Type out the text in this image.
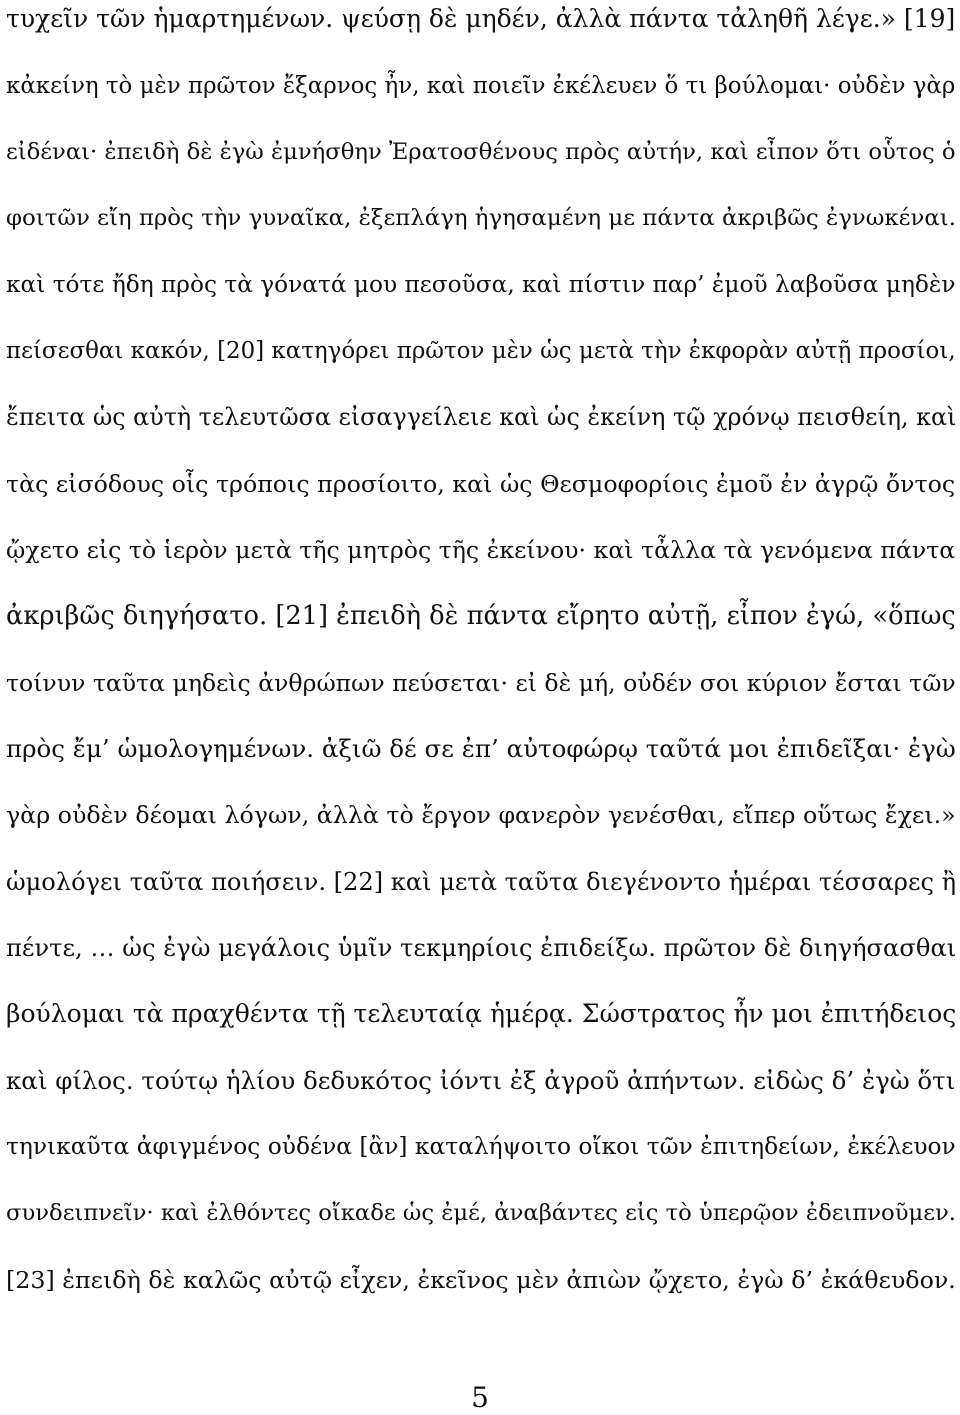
τυχεῖν τῶν ἡμαρτημένων. ψεύσῃ δὲ μηδέν, ἀλλὰ πάντα τἀληθῆ λέγε.» [19]
κἀκείνη τὸ μὲν πρῶτον ἔξαρνος ἦν, καὶ ποιεῖν ἐκέλευεν ὅ τι βούλομαι· οὐδὲν γὰρ
εἰδέναι· ἐπειδὴ δὲ ἐγὼ ἐμνήσθην Ἐρατοσθένους πρὸς αὐτήν, καὶ εἶπον ὅτι οὗτος ὁ
φοιτῶν εἴη πρὸς τὴν γυναῖκα, ἐξεπλάγη ἡγησαμένη με πάντα ἀκριβῶς ἐγνωκέναι.
καὶ τότε ἤδη πρὸς τὰ γόνατά μου πεσοῦσα, καὶ πίστιν παρ’ ἐμοῦ λαβοῦσα μηδὲν
πείσεσθαι κακόν, [20] κατηγόρει πρῶτον μὲν ὡς μετὰ τὴν ἐκφορὰν αὐτῇ προσίοι,
ἔπειτα ὡς αὐτὴ τελευτῶσα εἰσαγγείλειε καὶ ὡς ἐκείνη τῷ χρόνῳ πεισθείη, καὶ
τὰς εἰσόδους οἷς τρόποις προσίοιτο, καὶ ὡς Θεσμοφορίοις ἐμοῦ ἐν ἀγρῷ ὄντος
ᾤχετο εἰς τὸ ἱερὸν μετὰ τῆς μητρὸς τῆς ἐκείνου· καὶ τἆλλα τὰ γενόμενα πάντα
ἀκριβῶς διηγήσατο. [21] ἐπειδὴ δὲ πάντα εἴρητο αὐτῇ, εἶπον ἐγώ, «ὅπως
τοίνυν ταῦτα μηδεὶς ἀνθρώπων πεύσεται· εἰ δὲ μή, οὐδέν σοι κύριον ἔσται τῶν
πρὸς ἔμ’ ὡμολογημένων. ἀξιῶ δέ σε ἐπ’ αὐτοφώρῳ ταῦτά μοι ἐπιδεῖξαι· ἐγὼ
γὰρ οὐδὲν δέομαι λόγων, ἀλλὰ τὸ ἔργον φανερὸν γενέσθαι, εἴπερ οὕτως ἔχει.»
ὡμολόγει ταῦτα ποιήσειν. [22] καὶ μετὰ ταῦτα διεγένοντο ἡμέραι τέσσαρες ἢ
πέντε, … ὡς ἐγὼ μεγάλοις ὑμῖν τεκμηρίοις ἐπιδείξω. πρῶτον δὲ διηγήσασθαι
βούλομαι τὰ πραχθέντα τῇ τελευταίᾳ ἡμέρᾳ. Σώστρατος ἦν μοι ἐπιτήδειος
καὶ φίλος. τούτῳ ἡλίου δεδυκότος ἰόντι ἐξ ἀγροῦ ἀπήντων. εἰδὼς δ’ ἐγὼ ὅτι
τηνικαῦτα ἀφιγμένος οὐδένα [ἂν] καταλήψοιτο οἴκοι τῶν ἐπιτηδείων, ἐκέλευον
συνδειπνεῖν· καὶ ἐλθόντες οἴκαδε ὡς ἐμέ, ἀναβάντες εἰς τὸ ὑπερῷον ἐδειπνοῦμεν.
[23] ἐπειδὴ δὲ καλῶς αὐτῷ εἶχεν, ἐκεῖνος μὲν ἀπιὼν ᾤχετο, ἐγὼ δ’ ἐκάθευδον.
5
